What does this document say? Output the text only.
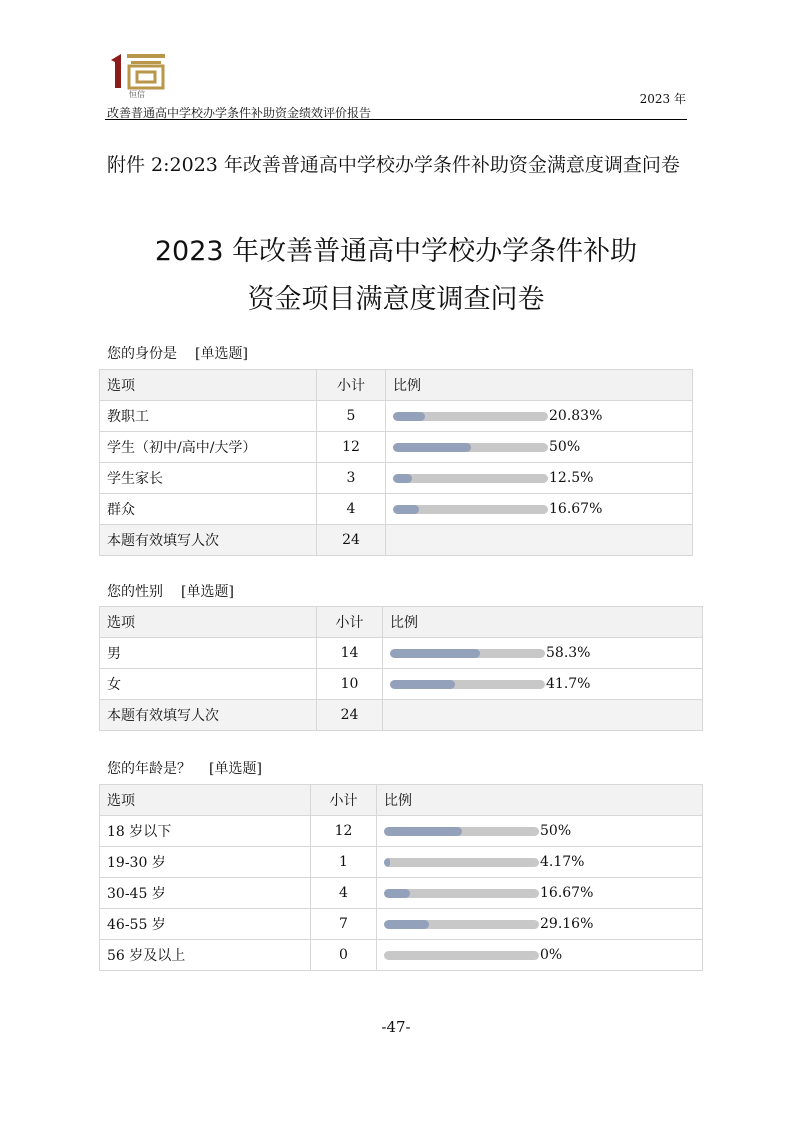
恒信	2023 年
改善普通高中学校办学条件补助资金绩效评价报告
附件 2:2023 年改善普通高中学校办学条件补助资金满意度调查问卷
2023 年改善普通高中学校办学条件补助
资金项目满意度调查问卷
您的身份是 [单选题]
选项	小计	比例
教职工	5	20.83%
学生（初中/高中/大学）	12	50%
学生家长	3	12.5%
群众	4	16.67%
本题有效填写人次	24	
您的性别 [单选题]
选项	小计	比例
男	14	58.3%
女	10	41.7%
本题有效填写人次	24	
您的年龄是？ [单选题]
选项	小计	比例
18 岁以下	12	50%
19-30 岁	1	4.17%
30-45 岁	4	16.67%
46-55 岁	7	29.16%
56 岁及以上	0	0%
-47-
